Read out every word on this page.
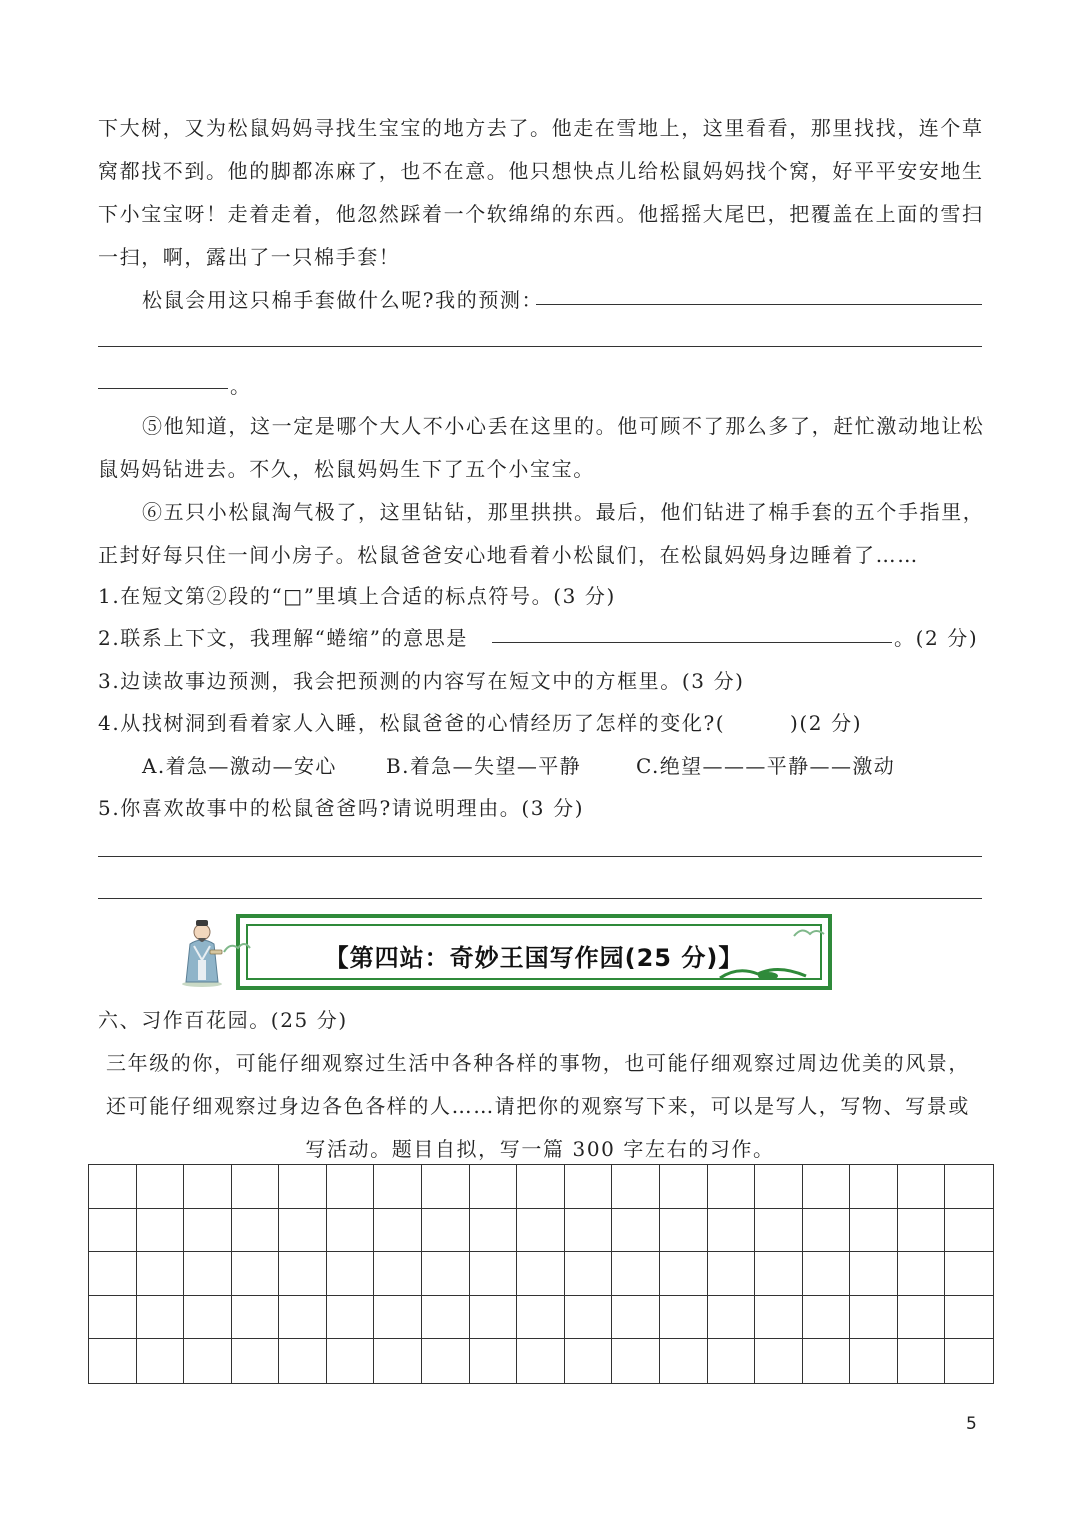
下大树，又为松鼠妈妈寻找生宝宝的地方去了。他走在雪地上，这里看看，那里找找，连个草
窝都找不到。他的脚都冻麻了，也不在意。他只想快点儿给松鼠妈妈找个窝，好平平安安地生
下小宝宝呀！走着走着，他忽然踩着一个软绵绵的东西。他摇摇大尾巴，把覆盖在上面的雪扫
一扫，啊，露出了一只棉手套！
松鼠会用这只棉手套做什么呢?我的预测：
。
⑤他知道，这一定是哪个大人不小心丢在这里的。他可顾不了那么多了，赶忙激动地让松
鼠妈妈钻进去。不久，松鼠妈妈生下了五个小宝宝。
⑥五只小松鼠淘气极了，这里钻钻，那里拱拱。最后，他们钻进了棉手套的五个手指里，
正封好每只住一间小房子。松鼠爸爸安心地看着小松鼠们，在松鼠妈妈身边睡着了……
1.在短文第②段的“□”里填上合适的标点符号。(3 分)
2.联系上下文，我理解“蜷缩”的意思是	。(2 分)
3.边读故事边预测，我会把预测的内容写在短文中的方框里。(3 分)
4.从找树洞到看着家人入睡，松鼠爸爸的心情经历了怎样的变化?(　　　)(2 分)
A.着急—激动—安心 B.着急—失望—平静	C.绝望———平静——激动
5.你喜欢故事中的松鼠爸爸吗?请说明理由。(3 分)
【第四站：奇妙王国写作园(25 分)】
六、习作百花园。(25 分)
三年级的你，可能仔细观察过生活中各种各样的事物，也可能仔细观察过周边优美的风景，
还可能仔细观察过身边各色各样的人……请把你的观察写下来，可以是写人，写物、写景或
写活动。题目自拟，写一篇 300 字左右的习作。
5
